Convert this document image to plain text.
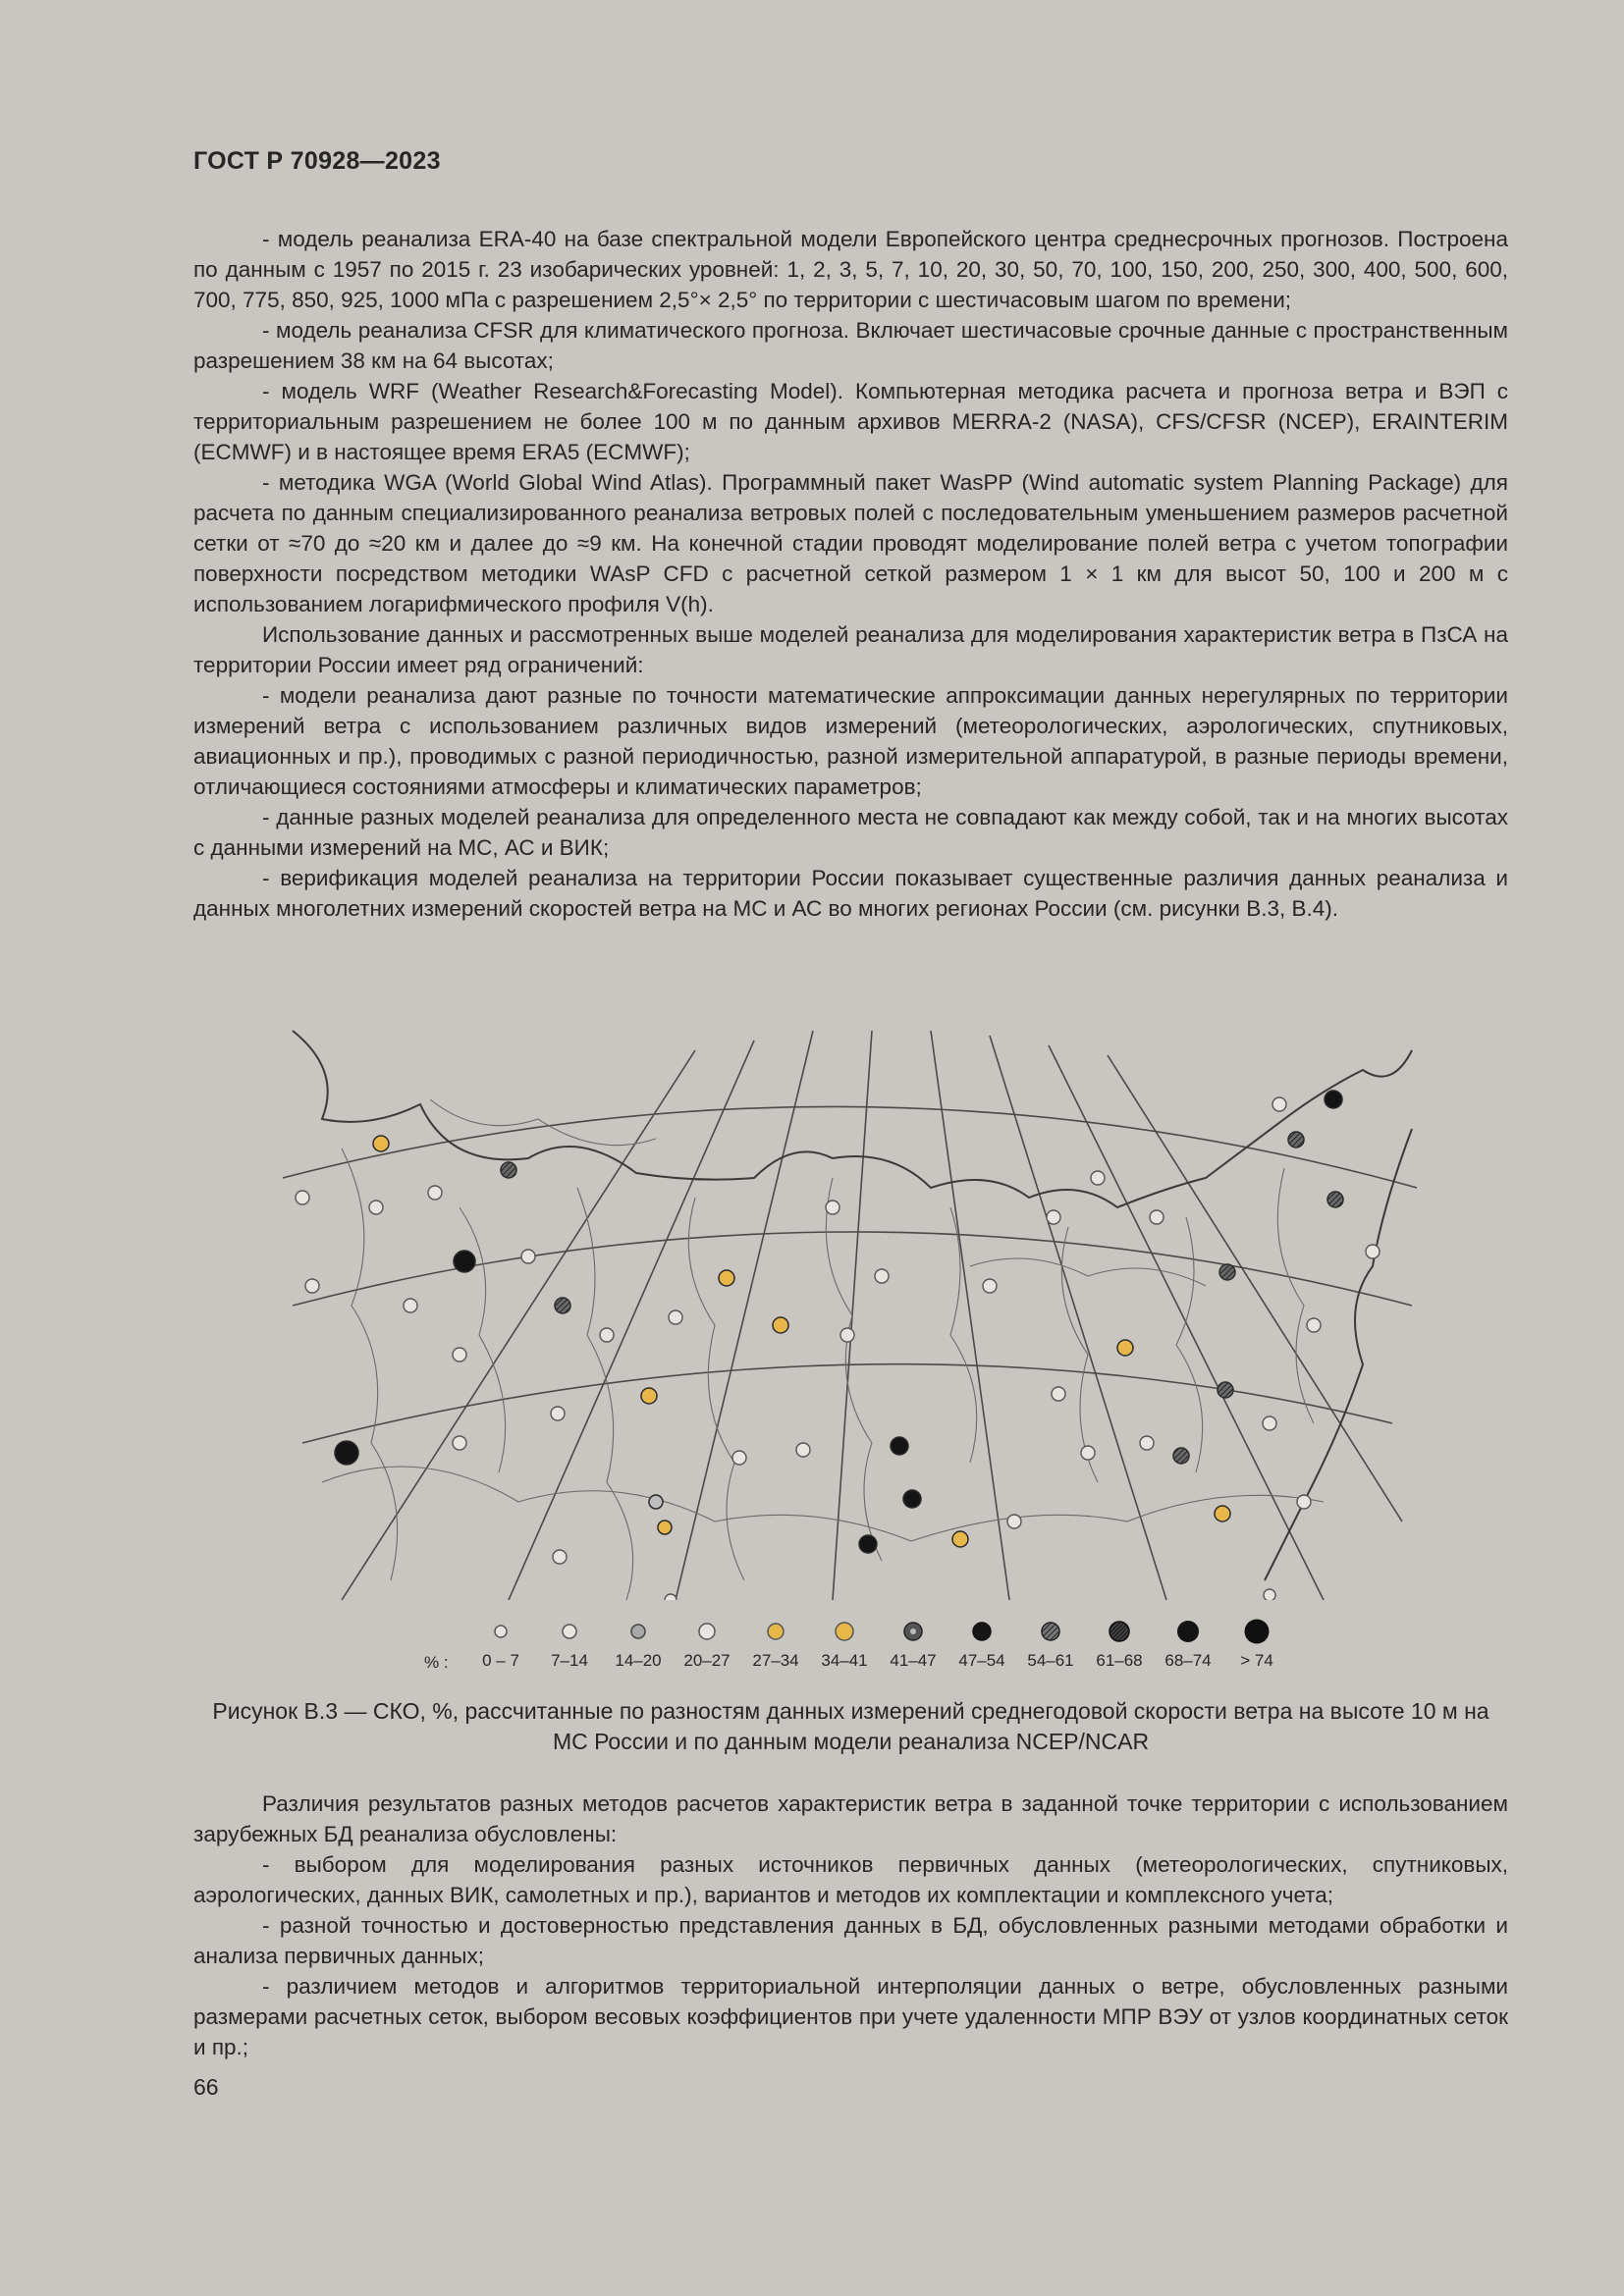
ГОСТ Р 70928—2023

- модель реанализа ERA-40 на базе спектральной модели Европейского центра среднесрочных прогнозов. Построена по данным с 1957 по 2015 г. 23 изобарических уровней: 1, 2, 3, 5, 7, 10, 20, 30, 50, 70, 100, 150, 200, 250, 300, 400, 500, 600, 700, 775, 850, 925, 1000 мПа с разрешением 2,5°× 2,5° по территории с шестичасовым шагом по времени;

- модель реанализа CFSR для климатического прогноза. Включает шестичасовые срочные данные с пространственным разрешением 38 км на 64 высотах;

- модель WRF (Weather Research&Forecasting Model). Компьютерная методика расчета и прогноза ветра и ВЭП с территориальным разрешением не более 100 м по данным архивов MERRA-2 (NASA), CFS/CFSR (NCEP), ERAINTERIM (ECMWF) и в настоящее время ERA5 (ECMWF);

- методика WGA (World Global Wind Atlas). Программный пакет WasPP (Wind automatic system Planning Package) для расчета по данным специализированного реанализа ветровых полей с последовательным уменьшением размеров расчетной сетки от ≈70 до ≈20 км и далее до ≈9 км. На конечной стадии проводят моделирование полей ветра с учетом топографии поверхности посредством методики WAsP CFD с расчетной сеткой размером 1 × 1 км для высот 50, 100 и 200 м с использованием логарифмического профиля V(h).

Использование данных и рассмотренных выше моделей реанализа для моделирования характеристик ветра в ПзСА на территории России имеет ряд ограничений:

- модели реанализа дают разные по точности математические аппроксимации данных нерегулярных по территории измерений ветра с использованием различных видов измерений (метеорологических, аэрологических, спутниковых, авиационных и пр.), проводимых с разной периодичностью, разной измерительной аппаратурой, в разные периоды времени, отличающиеся состояниями атмосферы и климатических параметров;

- данные разных моделей реанализа для определенного места не совпадают как между собой, так и на многих высотах с данными измерений на МС, АС и ВИК;

- верификация моделей реанализа на территории России показывает существенные различия данных реанализа и данных многолетних измерений скоростей ветра на МС и АС во многих регионах России (см. рисунки В.3, В.4).

% :	0 – 7	7–14	14–20	20–27	27–34	34–41	41–47	47–54	54–61	61–68	68–74	> 74
Рисунок В.3 — СКО, %, рассчитанные по разностям данных измерений среднегодовой скорости ветра на высоте 10 м на МС России и по данным модели реанализа NCEP/NCAR

Различия результатов разных методов расчетов характеристик ветра в заданной точке территории с использованием зарубежных БД реанализа обусловлены:

- выбором для моделирования разных источников первичных данных (метеорологических, спутниковых, аэрологических, данных ВИК, самолетных и пр.), вариантов и методов их комплектации и комплексного учета;

- разной точностью и достоверностью представления данных в БД, обусловленных разными методами обработки и анализа первичных данных;

- различием методов и алгоритмов территориальной интерполяции данных о ветре, обусловленных разными размерами расчетных сеток, выбором весовых коэффициентов при учете удаленности МПР ВЭУ от узлов координатных сеток и пр.;

66
